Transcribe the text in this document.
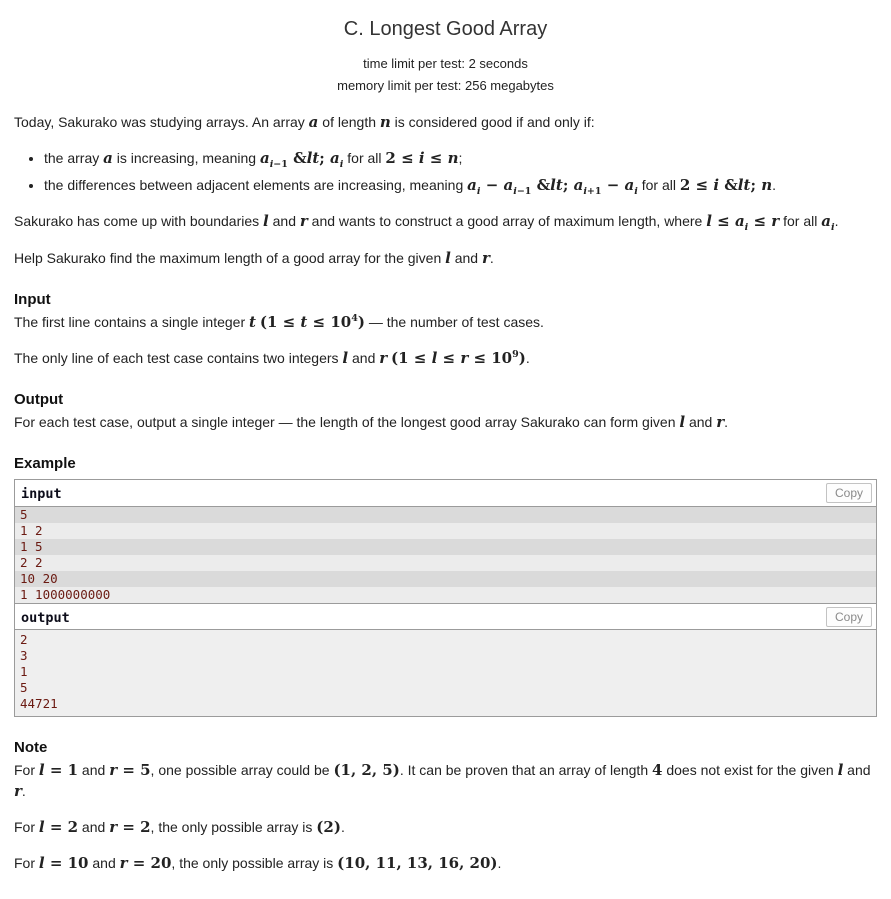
C. Longest Good Array
time limit per test: 2 seconds
memory limit per test: 256 megabytes

Today, Sakurako was studying arrays. An array a of length n is considered good if and only if:

• the array a is increasing, meaning $a_{i-1}$ &lt; $a_i$ for all 2 ≤ i ≤ n;
• the differences between adjacent elements are increasing, meaning $a_i - a_{i-1}$ &lt; $a_{i+1} - a_i$ for all 2 ≤ i &lt; n.

Sakurako has come up with boundaries l and r and wants to construct a good array of maximum length, where $l \le a_i \le r$ for all $a_i$.

Help Sakurako find the maximum length of a good array for the given l and r.

Input

The first line contains a single integer t $(1 \le t \le 10^4)$ — the number of test cases.

The only line of each test case contains two integers l and r $(1 \le l \le r \le 10^9)$.

Output

For each test case, output a single integer — the length of the longest good array Sakurako can form given l and r.

Example
input	Copy
5
1 2
1 5
2 2
10 20
1 1000000000
output	Copy
2
3
1
5
44721
Note

For l = 1 and r = 5, one possible array could be (1, 2, 5). It can be proven that an array of length 4 does not exist for the given l and r.

For l = 2 and r = 2, the only possible array is (2).

For l = 10 and r = 20, the only possible array is (10, 11, 13, 16, 20).
